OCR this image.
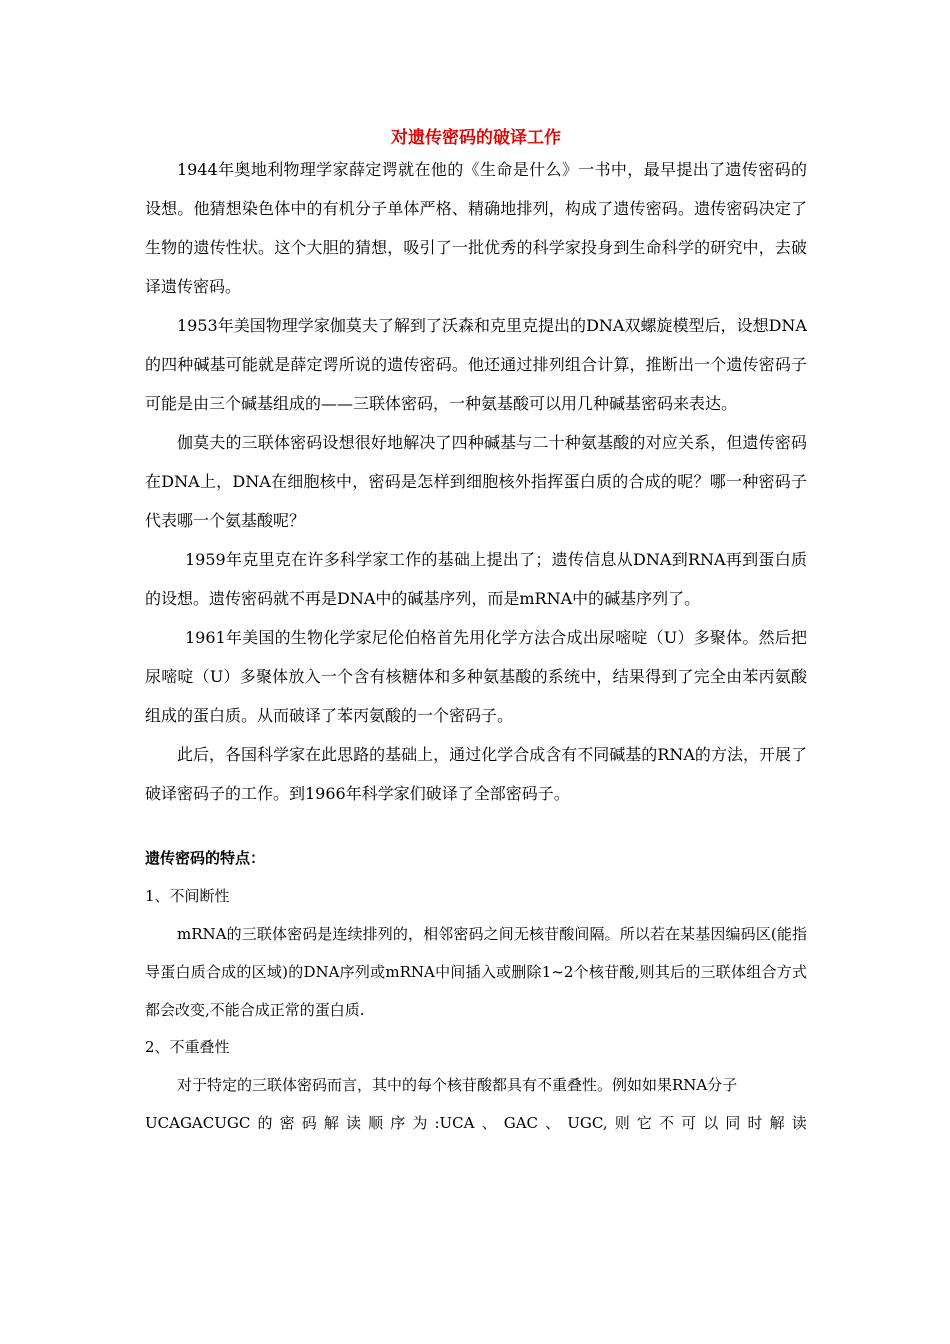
对遗传密码的破译工作

1944年奥地利物理学家薛定谔就在他的《生命是什么》一书中，最早提出了遗传密码的设想。他猜想染色体中的有机分子单体严格、精确地排列，构成了遗传密码。遗传密码决定了生物的遗传性状。这个大胆的猜想，吸引了一批优秀的科学家投身到生命科学的研究中，去破译遗传密码。

1953年美国物理学家伽莫夫了解到了沃森和克里克提出的DNA双螺旋模型后，设想DNA的四种碱基可能就是薛定谔所说的遗传密码。他还通过排列组合计算，推断出一个遗传密码子可能是由三个碱基组成的——三联体密码，一种氨基酸可以用几种碱基密码来表达。

伽莫夫的三联体密码设想很好地解决了四种碱基与二十种氨基酸的对应关系，但遗传密码在DNA上，DNA在细胞核中，密码是怎样到细胞核外指挥蛋白质的合成的呢？哪一种密码子代表哪一个氨基酸呢？

1959年克里克在许多科学家工作的基础上提出了；遗传信息从DNA到RNA再到蛋白质的设想。遗传密码就不再是DNA中的碱基序列，而是mRNA中的碱基序列了。

1961年美国的生物化学家尼伦伯格首先用化学方法合成出尿嘧啶（U）多聚体。然后把尿嘧啶（U）多聚体放入一个含有核糖体和多种氨基酸的系统中，结果得到了完全由苯丙氨酸组成的蛋白质。从而破译了苯丙氨酸的一个密码子。

此后，各国科学家在此思路的基础上，通过化学合成含有不同碱基的RNA的方法，开展了破译密码子的工作。到1966年科学家们破译了全部密码子。

遗传密码的特点：

1、不间断性

mRNA的三联体密码是连续排列的，相邻密码之间无核苷酸间隔。所以若在某基因编码区(能指导蛋白质合成的区域)的DNA序列或mRNA中间插入或删除1~2个核苷酸,则其后的三联体组合方式都会改变,不能合成正常的蛋白质.

2、不重叠性

对于特定的三联体密码而言，其中的每个核苷酸都具有不重叠性。例如如果RNA分子

UCAGACUGC 的 密 码 解 读 顺 序 为 :UCA 、 GAC 、 UGC, 则 它 不 可 以 同 时 解 读
